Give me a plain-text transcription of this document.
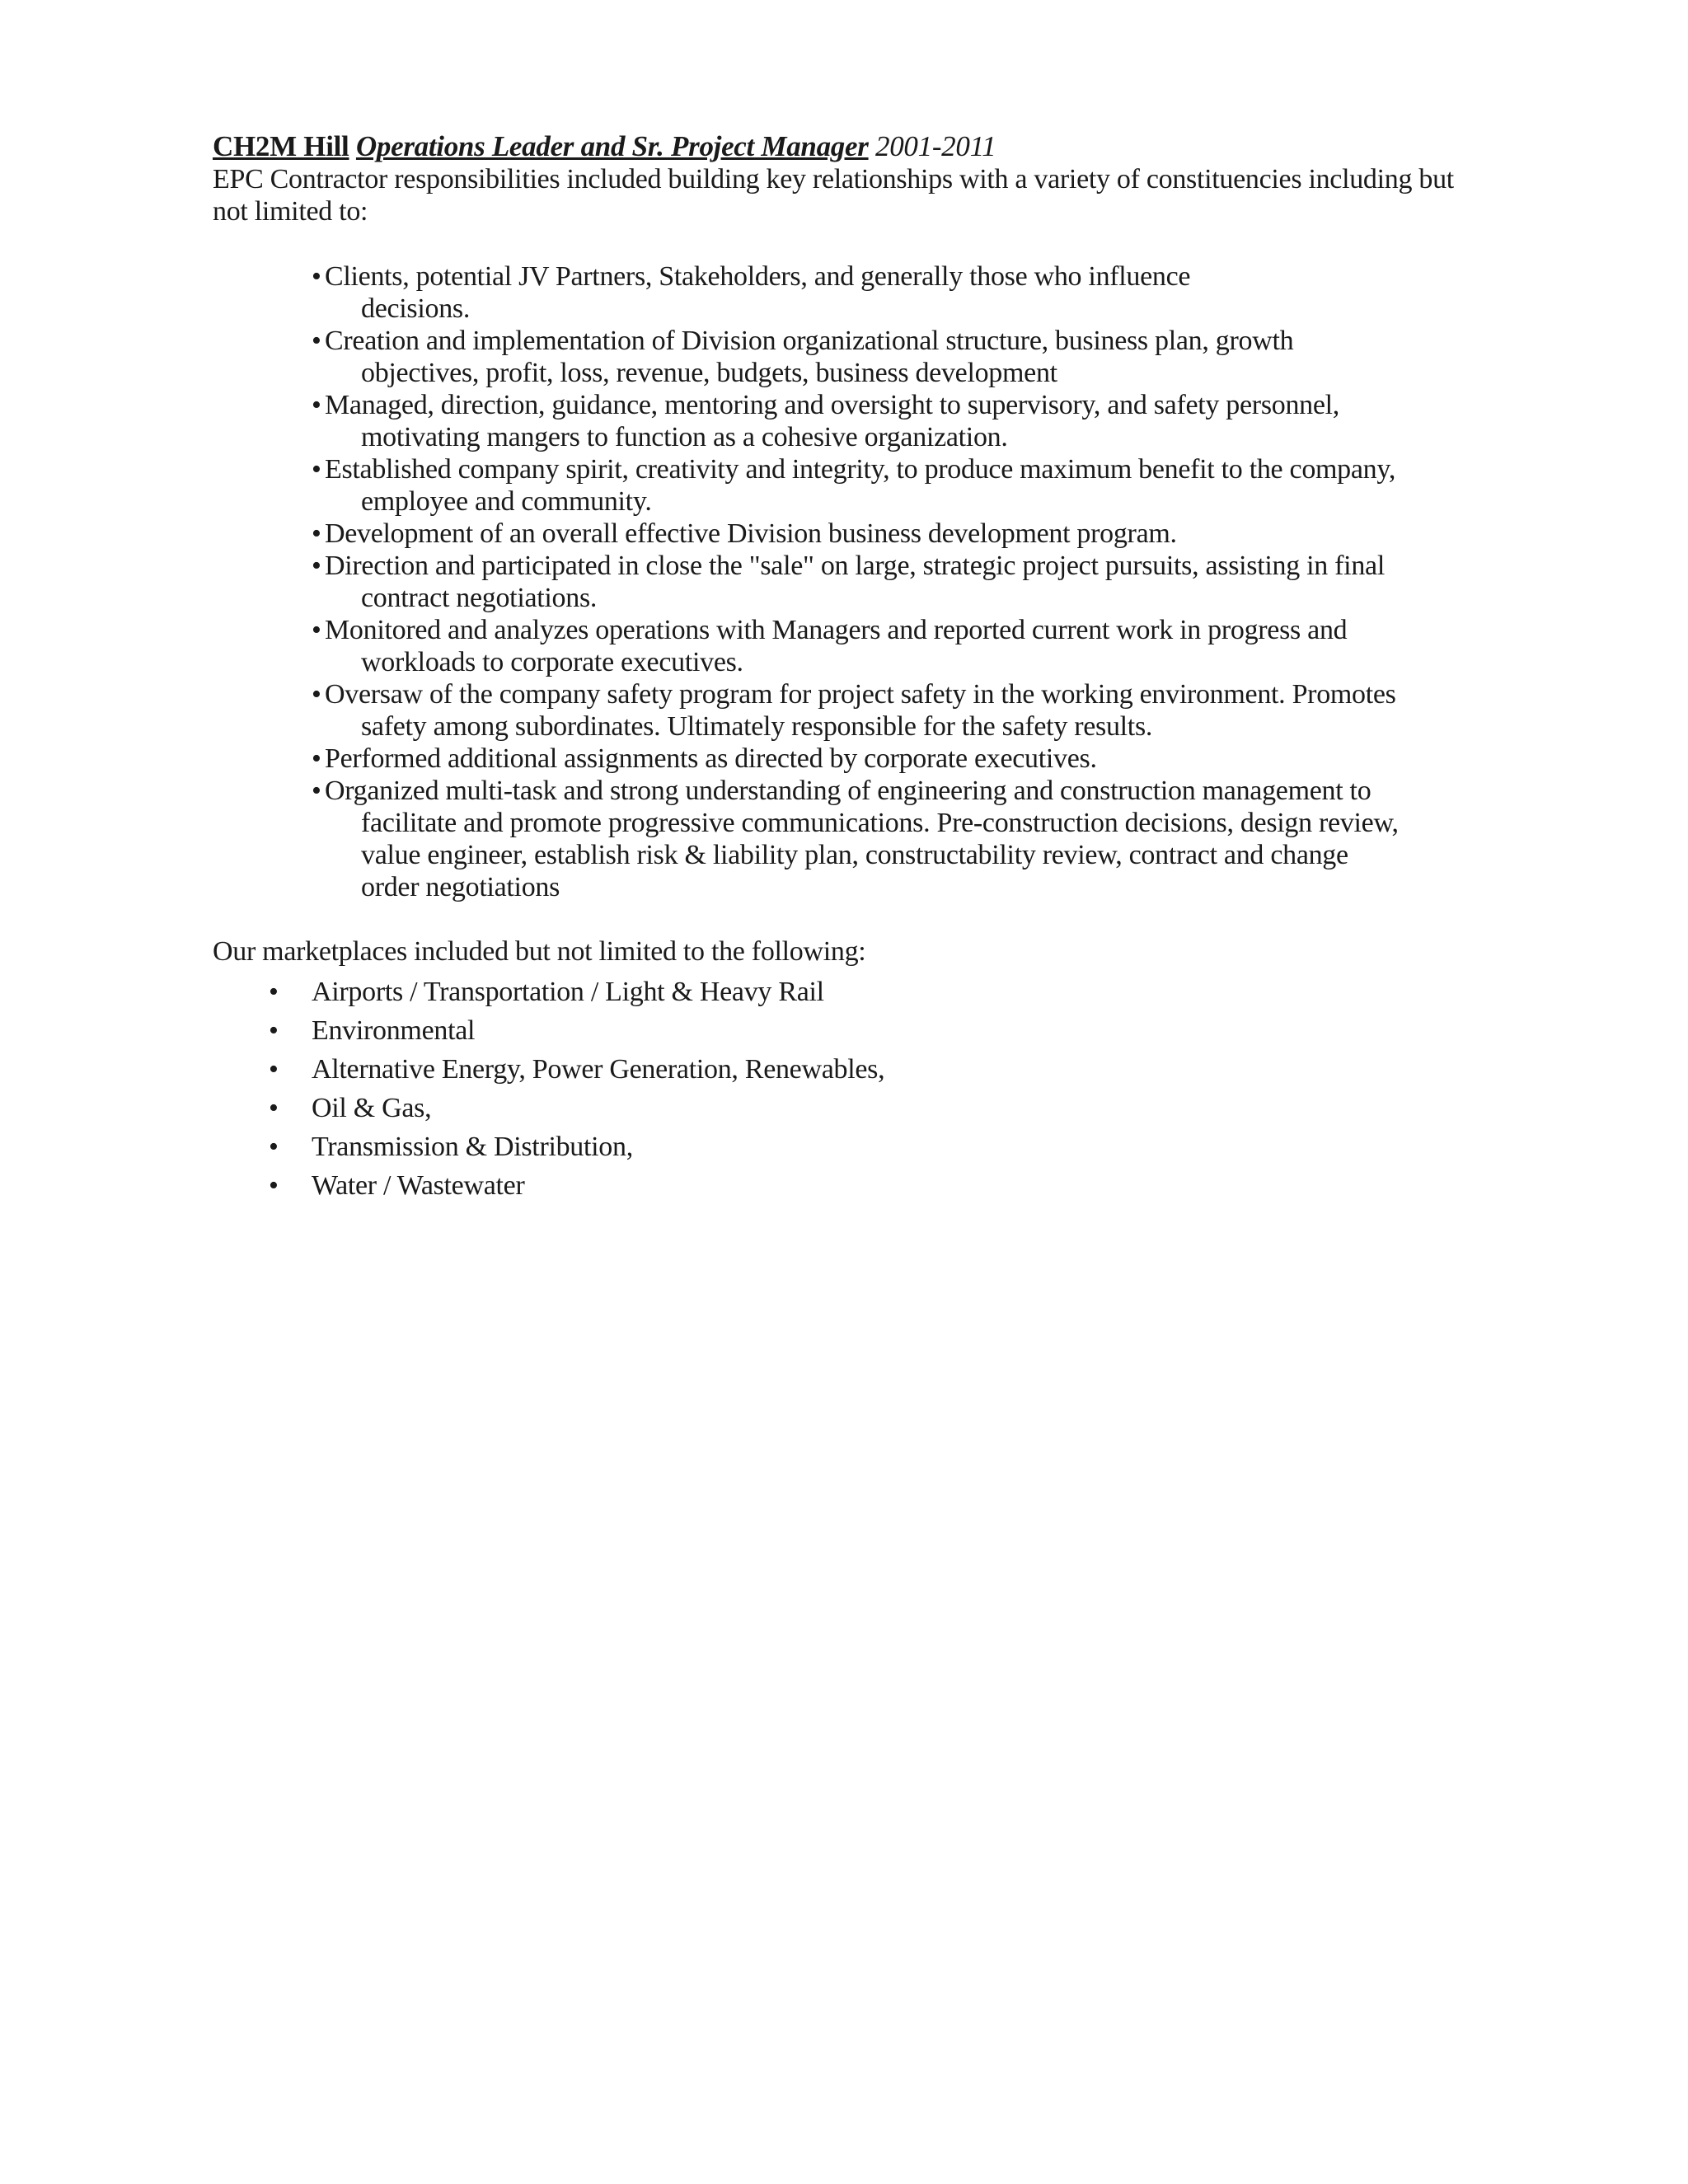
CH2M Hill Operations Leader and Sr. Project Manager 2001-2011

EPC Contractor responsibilities included building key relationships with a variety of constituencies including but not limited to:

• Clients, potential JV Partners, Stakeholders, and generally those who influence
decisions.
• Creation and implementation of Division organizational structure, business plan, growth
objectives, profit, loss, revenue, budgets, business development
• Managed, direction, guidance, mentoring and oversight to supervisory, and safety personnel,
motivating mangers to function as a cohesive organization.
• Established company spirit, creativity and integrity, to produce maximum benefit to the company,
employee and community.
• Development of an overall effective Division business development program.
• Direction and participated in close the "sale" on large, strategic project pursuits, assisting in final
contract negotiations.
• Monitored and analyzes operations with Managers and reported current work in progress and
workloads to corporate executives.
• Oversaw of the company safety program for project safety in the working environment. Promotes
safety among subordinates. Ultimately responsible for the safety results.
• Performed additional assignments as directed by corporate executives.
• Organized multi-task and strong understanding of engineering and construction management to
facilitate and promote progressive communications. Pre-construction decisions, design review,
value engineer, establish risk & liability plan, constructability review, contract and change
order negotiations

Our marketplaces included but not limited to the following:

• Airports / Transportation / Light & Heavy Rail
• Environmental
• Alternative Energy, Power Generation, Renewables,
• Oil & Gas,
• Transmission & Distribution,
• Water / Wastewater
